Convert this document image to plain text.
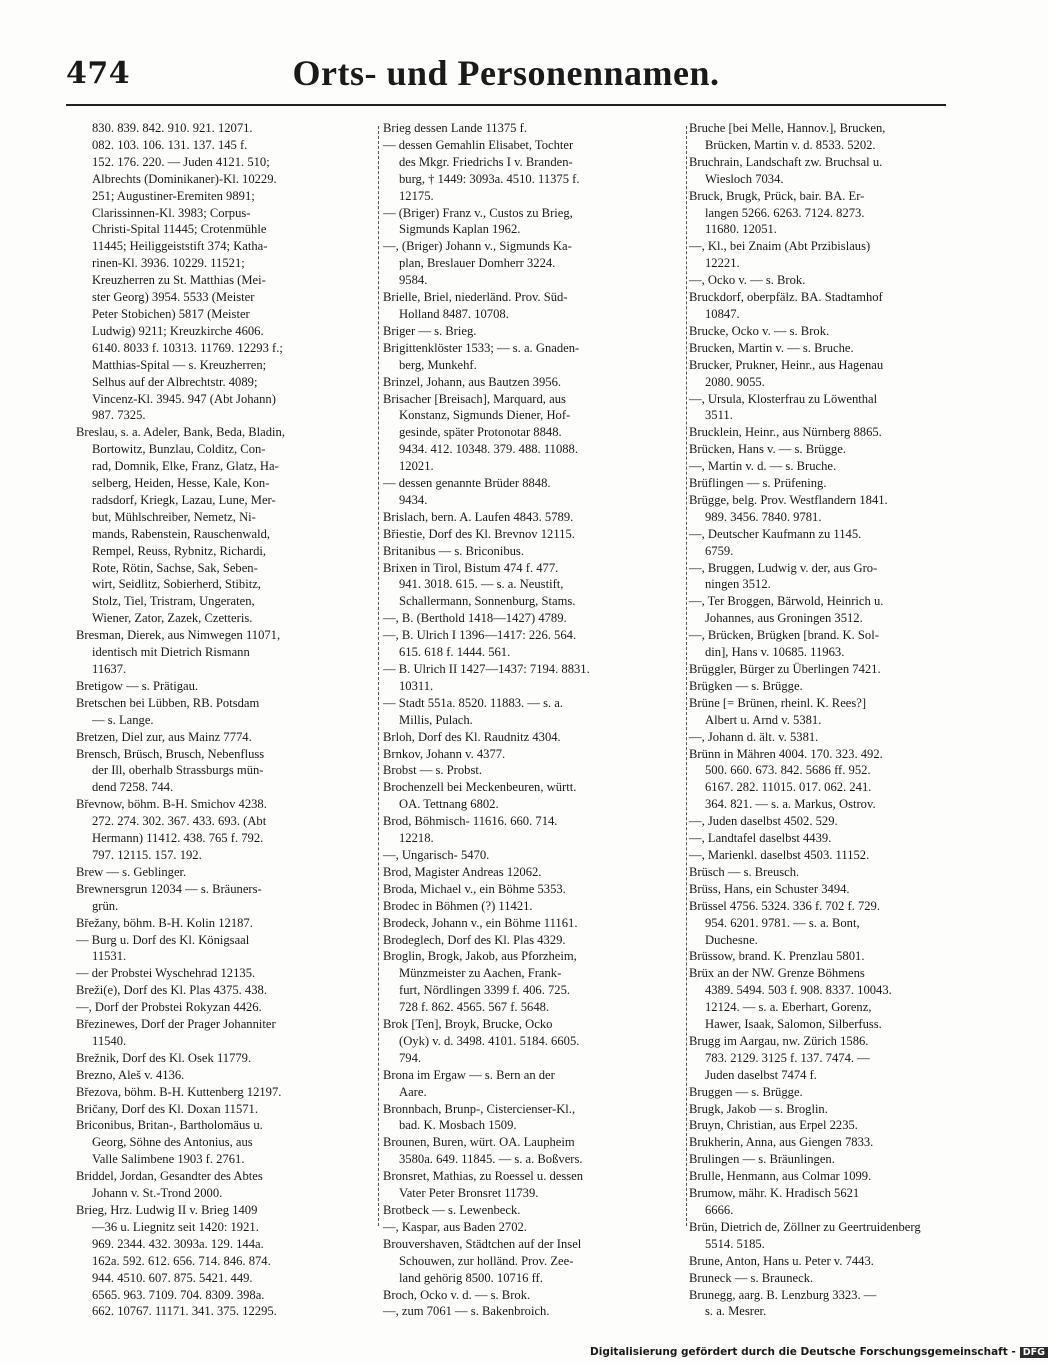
474	Orts- und Personennamen.
830. 839. 842. 910. 921. 12071.
082. 103. 106. 131. 137. 145 f.
152. 176. 220. — Juden 4121. 510;
Albrechts (Dominikaner)-Kl. 10229.
251; Augustiner-Eremiten 9891;
Clarissinnen-Kl. 3983; Corpus-
Christi-Spital 11445; Crotenmühle
11445; Heiliggeiststift 374; Kathа-
rinen-Kl. 3936. 10229. 11521;
Kreuzherren zu St. Matthias (Mei-
ster Georg) 3954. 5533 (Meister
Peter Stobichen) 5817 (Meister
Ludwig) 9211; Kreuzkirche 4606.
6140. 8033 f. 10313. 11769. 12293 f.;
Matthias-Spital — s. Kreuzherren;
Selhus auf der Albrechtstr. 4089;
Vincenz-Kl. 3945. 947 (Abt Johann)
987. 7325.
Breslau, s. a. Adeler, Bank, Beda, Bladin,
Bortowitz, Bunzlau, Colditz, Con-
rad, Domnik, Elke, Franz, Glatz, Ha-
selberg, Heiden, Hesse, Kale, Kon-
radsdorf, Kriegk, Lazau, Lune, Mer-
but, Mühlschreiber, Nemetz, Ni-
mands, Rabenstein, Rauschenwald,
Rempel, Reuss, Rybnitz, Richardi,
Rote, Rötin, Sachse, Sak, Seben-
wirt, Seidlitz, Sobierherd, Stibitz,
Stolz, Tiel, Tristram, Ungeraten,
Wiener, Zator, Zazek, Czetteris.
Bresman, Dierek, aus Nimwegen 11071,
identisch mit Dietrich Rismann
11637.
Bretigow — s. Prätigau.
Bretschen bei Lübben, RB. Potsdam
— s. Lange.
Bretzen, Diel zur, aus Mainz 7774.
Brensch, Brüsch, Brusch, Nebenfluss
der Ill, oberhalb Strassburgs mün-
dend 7258. 744.
Břevnow, böhm. B-H. Smichov 4238.
272. 274. 302. 367. 433. 693. (Abt
Hermann) 11412. 438. 765 f. 792.
797. 12115. 157. 192.
Brew — s. Geblinger.
Brewnersgrun 12034 — s. Bräuners-
grün.
Břežany, böhm. B-H. Kolin 12187.
— Burg u. Dorf des Kl. Königsaal
11531.
— der Probstei Wyschehrad 12135.
Breži(e), Dorf des Kl. Plas 4375. 438.
—, Dorf der Probstei Rokyzan 4426.
Březinewes, Dorf der Prager Johanniter
11540.
Brežnik, Dorf des Kl. Osek 11779.
Brezno, Aleš v. 4136.
Březova, böhm. B-H. Kuttenberg 12197.
Bričany, Dorf des Kl. Doxan 11571.
Briconibus, Britan-, Bartholomäus u.
Georg, Söhne des Antonius, aus
Valle Salimbene 1903 f. 2761.
Briddel, Jordan, Gesandter des Abtes
Johann v. St.-Trond 2000.
Brieg, Hrz. Ludwig II v. Brieg 1409
—36 u. Liegnitz seit 1420: 1921.
969. 2344. 432. 3093a. 129. 144a.
162a. 592. 612. 656. 714. 846. 874.
944. 4510. 607. 875. 5421. 449.
6565. 963. 7109. 704. 8309. 398a.
662. 10767. 11171. 341. 375. 12295.
Brieg dessen Lande 11375 f.
— dessen Gemahlin Elisabet, Tochter
des Mkgr. Friedrichs I v. Branden-
burg, † 1449: 3093a. 4510. 11375 f.
12175.
— (Briger) Franz v., Custos zu Brieg,
Sigmunds Kaplan 1962.
—, (Briger) Johann v., Sigmunds Ka-
plan, Breslauer Domherr 3224.
9584.
Brielle, Briel, niederländ. Prov. Süd-
Holland 8487. 10708.
Briger — s. Brieg.
Brigittenklöster 1533; — s. a. Gnaden-
berg, Munkehf.
Brinzel, Johann, aus Bautzen 3956.
Brisacher [Breisach], Marquard, aus
Konstanz, Sigmunds Diener, Hof-
gesinde, später Protonotar 8848.
9434. 412. 10348. 379. 488. 11088.
12021.
— dessen genannte Brüder 8848.
9434.
Brislach, bern. A. Laufen 4843. 5789.
Břiestie, Dorf des Kl. Brevnov 12115.
Britanibus — s. Briconibus.
Brixen in Tirol, Bistum 474 f. 477.
941. 3018. 615. — s. a. Neustift,
Schallermann, Sonnenburg, Stams.
—, B. (Berthold 1418—1427) 4789.
—, B. Ulrich I 1396—1417: 226. 564.
615. 618 f. 1444. 561.
— B. Ulrich II 1427—1437: 7194. 8831.
10311.
— Stadt 551a. 8520. 11883. — s. a.
Millis, Pulach.
Brloh, Dorf des Kl. Raudnitz 4304.
Brnkov, Johann v. 4377.
Brobst — s. Probst.
Brochenzell bei Meckenbeuren, württ.
OA. Tettnang 6802.
Brod, Böhmisch- 11616. 660. 714.
12218.
—, Ungarisch- 5470.
Brod, Magister Andreas 12062.
Broda, Michael v., ein Böhme 5353.
Brodec in Böhmen (?) 11421.
Brodeck, Johann v., ein Böhme 11161.
Brodeglech, Dorf des Kl. Plas 4329.
Broglin, Brogk, Jakob, aus Pforzheim,
Münzmeister zu Aachen, Frank-
furt, Nördlingen 3399 f. 406. 725.
728 f. 862. 4565. 567 f. 5648.
Brok [Ten], Broyk, Brucke, Ocko
(Oyk) v. d. 3498. 4101. 5184. 6605.
794.
Brona im Ergaw — s. Bern an der
Aare.
Bronnbach, Brunp-, Cistercienser-Kl.,
bad. K. Mosbach 1509.
Brounen, Buren, würt. OA. Laupheim
3580a. 649. 11845. — s. a. Boßvers.
Bronsret, Mathias, zu Roessel u. dessen
Vater Peter Bronsret 11739.
Brotbeck — s. Lewenbeck.
—, Kaspar, aus Baden 2702.
Brouvershaven, Städtchen auf der Insel
Schouwen, zur holländ. Prov. Zee-
land gehörig 8500. 10716 ff.
Broch, Ocko v. d. — s. Brok.
—, zum 7061 — s. Bakenbroich.
Bruche [bei Melle, Hannov.], Brucken,
Brücken, Martin v. d. 8533. 5202.
Bruchrain, Landschaft zw. Bruchsal u.
Wiesloch 7034.
Bruck, Brugk, Prück, bair. BA. Er-
langen 5266. 6263. 7124. 8273.
11680. 12051.
—, Kl., bei Znaim (Abt Przibislaus)
12221.
—, Ocko v. — s. Brok.
Bruckdorf, oberpfälz. BA. Stadtamhof
10847.
Brucke, Ocko v. — s. Brok.
Brucken, Martin v. — s. Bruche.
Brucker, Prukner, Heinr., aus Hagenau
2080. 9055.
—, Ursula, Klosterfrau zu Löwenthal
3511.
Brucklein, Heinr., aus Nürnberg 8865.
Brücken, Hans v. — s. Brügge.
—, Martin v. d. — s. Bruche.
Brüflingen — s. Prüfening.
Brügge, belg. Prov. Westflandern 1841.
989. 3456. 7840. 9781.
—, Deutscher Kaufmann zu 1145.
6759.
—, Bruggen, Ludwig v. der, aus Gro-
ningen 3512.
—, Ter Broggen, Bärwold, Heinrich u.
Johannes, aus Groningen 3512.
—, Brücken, Brügken [brand. K. Sol-
din], Hans v. 10685. 11963.
Brüggler, Bürger zu Überlingen 7421.
Brügken — s. Brügge.
Brüne [= Brünen, rheinl. K. Rees?]
Albert u. Arnd v. 5381.
—, Johann d. ält. v. 5381.
Brünn in Mähren 4004. 170. 323. 492.
500. 660. 673. 842. 5686 ff. 952.
6167. 282. 11015. 017. 062. 241.
364. 821. — s. a. Markus, Ostrov.
—, Juden daselbst 4502. 529.
—, Landtafel daselbst 4439.
—, Marienkl. daselbst 4503. 11152.
Brüsch — s. Breusch.
Brüss, Hans, ein Schuster 3494.
Brüssel 4756. 5324. 336 f. 702 f. 729.
954. 6201. 9781. — s. a. Bont,
Duchesne.
Brüssow, brand. K. Prenzlau 5801.
Brüx an der NW. Grenze Böhmens
4389. 5494. 503 f. 908. 8337. 10043.
12124. — s. a. Eberhart, Gorenz,
Hawer, Isaak, Salomon, Silberfuss.
Brugg im Aargau, nw. Zürich 1586.
783. 2129. 3125 f. 137. 7474. —
Juden daselbst 7474 f.
Bruggen — s. Brügge.
Brugk, Jakob — s. Broglin.
Bruyn, Christian, aus Erpel 2235.
Brukherin, Anna, aus Giengen 7833.
Brulingen — s. Bräunlingen.
Brulle, Henmann, aus Colmar 1099.
Brumow, mähr. K. Hradisch 5621
6666.
Brün, Dietrich de, Zöllner zu Geertruidenberg
5514. 5185.
Brune, Anton, Hans u. Peter v. 7443.
Bruneck — s. Brauneck.
Brunegg, aarg. B. Lenzburg 3323. —
s. a. Mesrer.
Digitalisierung gefördert durch die Deutsche Forschungsgemeinschaft - DFG
